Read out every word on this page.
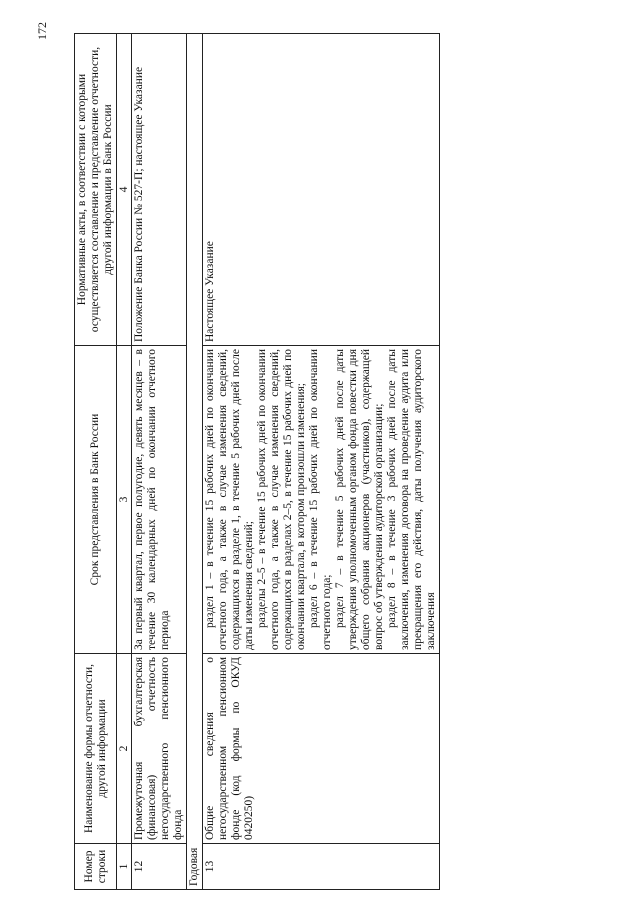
172
Номер строки	Наименование формы отчетности, другой информации	Срок представления в Банк России	Нормативные акты, в соответствии с которыми осуществляется составление и представление отчетности, другой информации в Банк России
1	2	3	4
12	Промежуточная бухгалтерская (финансовая) отчетность негосударственного пенсионного фонда	За первый квартал, первое полугодие, девять месяцев – в течение 30 календарных дней по окончании отчетного периода	Положение Банка России № 527-П; настоящее Указание
Годовая			
13	Общие сведения о негосударственном пенсионном фонде (код формы по ОКУД 0420250)	раздел 1 – в течение 15 рабочих дней по окончании отчетного года, а также в случае изменения сведений, содержащихся в разделе 1, в течение 5 рабочих дней после даты изменения сведений; разделы 2–5 – в течение 15 рабочих дней по окончании отчетного года, а также в случае изменения сведений, содержащихся в разделах 2–5, в течение 15 рабочих дней по окончании квартала, в котором произошли изменения; раздел 6 – в течение 15 рабочих дней по окончании отчетного года; раздел 7 – в течение 5 рабочих дней после даты утверждения уполномоченным органом фонда повестки дня общего собрания акционеров (участников), содержащей вопрос об утверждении аудиторской организации; раздел 8 – в течение 3 рабочих дней после даты заключения, изменения договора на проведение аудита или прекращения его действия, даты получения аудиторского заключения	Настоящее Указание
